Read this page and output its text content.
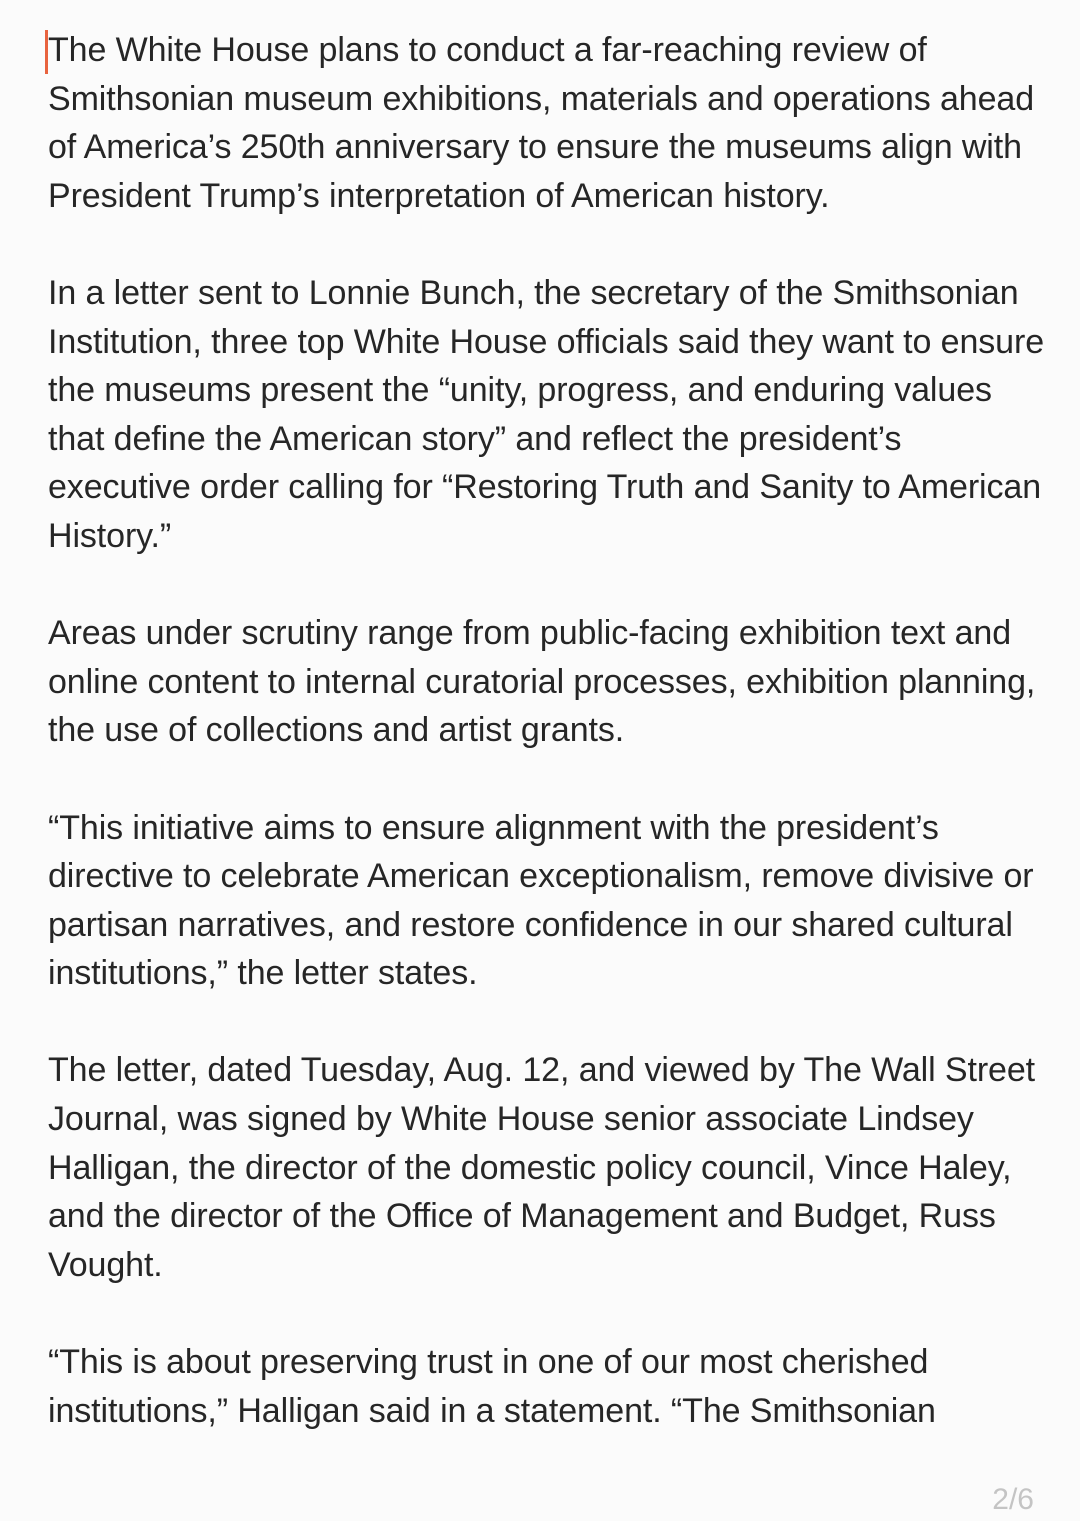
The White House plans to conduct a far-reaching review of Smithsonian museum exhibitions, materials and operations ahead of America’s 250th anniversary to ensure the museums align with President Trump’s interpretation of American history.

In a letter sent to Lonnie Bunch, the secretary of the Smithsonian Institution, three top White House officials said they want to ensure the museums present the “unity, progress, and enduring values that define the American story” and reflect the president’s executive order calling for “Restoring Truth and Sanity to American History.”

Areas under scrutiny range from public-facing exhibition text and online content to internal curatorial processes, exhibition planning, the use of collections and artist grants.

“This initiative aims to ensure alignment with the president’s directive to celebrate American exceptionalism, remove divisive or partisan narratives, and restore confidence in our shared cultural institutions,” the letter states.

The letter, dated Tuesday, Aug. 12, and viewed by The Wall Street Journal, was signed by White House senior associate Lindsey Halligan, the director of the domestic policy council, Vince Haley, and the director of the Office of Management and Budget, Russ Vought.

“This is about preserving trust in one of our most cherished institutions,” Halligan said in a statement. “The Smithsonian

2/6
